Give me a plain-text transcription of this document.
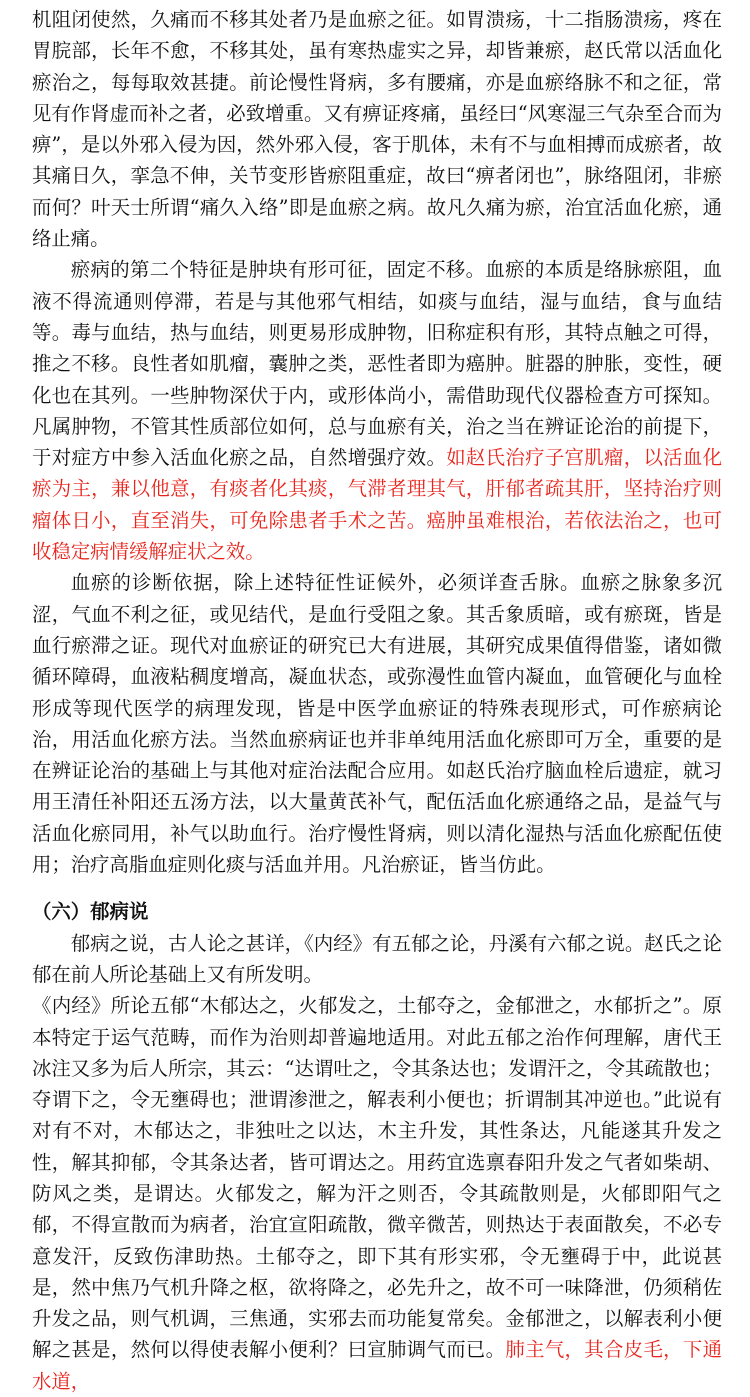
机阻闭使然，久痛而不移其处者乃是血瘀之征。如胃溃疡，十二指肠溃疡，疼在胃脘部，长年不愈，不移其处，虽有寒热虚实之异，却皆兼瘀，赵氏常以活血化瘀治之，每每取效甚捷。前论慢性肾病，多有腰痛，亦是血瘀络脉不和之征，常见有作肾虚而补之者，必致增重。又有痹证疼痛，虽经曰“风寒湿三气杂至合而为痹”，是以外邪入侵为因，然外邪入侵，客于肌体，未有不与血相搏而成瘀者，故其痛日久，挛急不伸，关节变形皆瘀阻重症，故曰“痹者闭也”，脉络阻闭，非瘀而何？叶天士所谓“痛久入络”即是血瘀之病。故凡久痛为瘀，治宜活血化瘀，通络止痛。

瘀病的第二个特征是肿块有形可征，固定不移。血瘀的本质是络脉瘀阻，血液不得流通则停滞，若是与其他邪气相结，如痰与血结，湿与血结，食与血结等。毒与血结，热与血结，则更易形成肿物，旧称症积有形，其特点触之可得，推之不移。良性者如肌瘤，囊肿之类，恶性者即为癌肿。脏器的肿胀，变性，硬化也在其列。一些肿物深伏于内，或形体尚小，需借助现代仪器检查方可探知。凡属肿物，不管其性质部位如何，总与血瘀有关，治之当在辨证论治的前提下，于对症方中参入活血化瘀之品，自然增强疗效。如赵氏治疗子宫肌瘤，以活血化瘀为主，兼以他意，有痰者化其痰，气滞者理其气，肝郁者疏其肝，坚持治疗则瘤体日小，直至消失，可免除患者手术之苦。癌肿虽难根治，若依法治之，也可收稳定病情缓解症状之效。

血瘀的诊断依据，除上述特征性证候外，必须详查舌脉。血瘀之脉象多沉涩，气血不利之征，或见结代，是血行受阻之象。其舌象质暗，或有瘀斑，皆是血行瘀滞之证。现代对血瘀证的研究已大有进展，其研究成果值得借鉴，诸如微循环障碍，血液粘稠度增高，凝血状态，或弥漫性血管内凝血，血管硬化与血栓形成等现代医学的病理发现，皆是中医学血瘀证的特殊表现形式，可作瘀病论治，用活血化瘀方法。当然血瘀病证也并非单纯用活血化瘀即可万全，重要的是在辨证论治的基础上与其他对症治法配合应用。如赵氏治疗脑血栓后遗症，就习用王清任补阳还五汤方法，以大量黄芪补气，配伍活血化瘀通络之品，是益气与活血化瘀同用，补气以助血行。治疗慢性肾病，则以清化湿热与活血化瘀配伍使用；治疗高脂血症则化痰与活血并用。凡治瘀证，皆当仿此。

（六）郁病说

郁病之说，古人论之甚详，《内经》有五郁之论，丹溪有六郁之说。赵氏之论郁在前人所论基础上又有所发明。

《内经》所论五郁“木郁达之，火郁发之，土郁夺之，金郁泄之，水郁折之”。原本特定于运气范畴，而作为治则却普遍地适用。对此五郁之治作何理解，唐代王冰注又多为后人所宗，其云：“达谓吐之，令其条达也；发谓汗之，令其疏散也；夺谓下之，令无壅碍也；泄谓渗泄之，解表利小便也；折谓制其冲逆也。”此说有对有不对，木郁达之，非独吐之以达，木主升发，其性条达，凡能遂其升发之性，解其抑郁，令其条达者，皆可谓达之。用药宜选禀春阳升发之气者如柴胡、防风之类，是谓达。火郁发之，解为汗之则否，令其疏散则是，火郁即阳气之郁，不得宣散而为病者，治宜宣阳疏散，微辛微苦，则热达于表面散矣，不必专意发汗，反致伤津助热。土郁夺之，即下其有形实邪，令无壅碍于中，此说甚是，然中焦乃气机升降之枢，欲将降之，必先升之，故不可一味降泄，仍须稍佐升发之品，则气机调，三焦通，实邪去而功能复常矣。金郁泄之，以解表利小便解之甚是，然何以得使表解小便利？曰宣肺调气而已。肺主气，其合皮毛，下通水道，
